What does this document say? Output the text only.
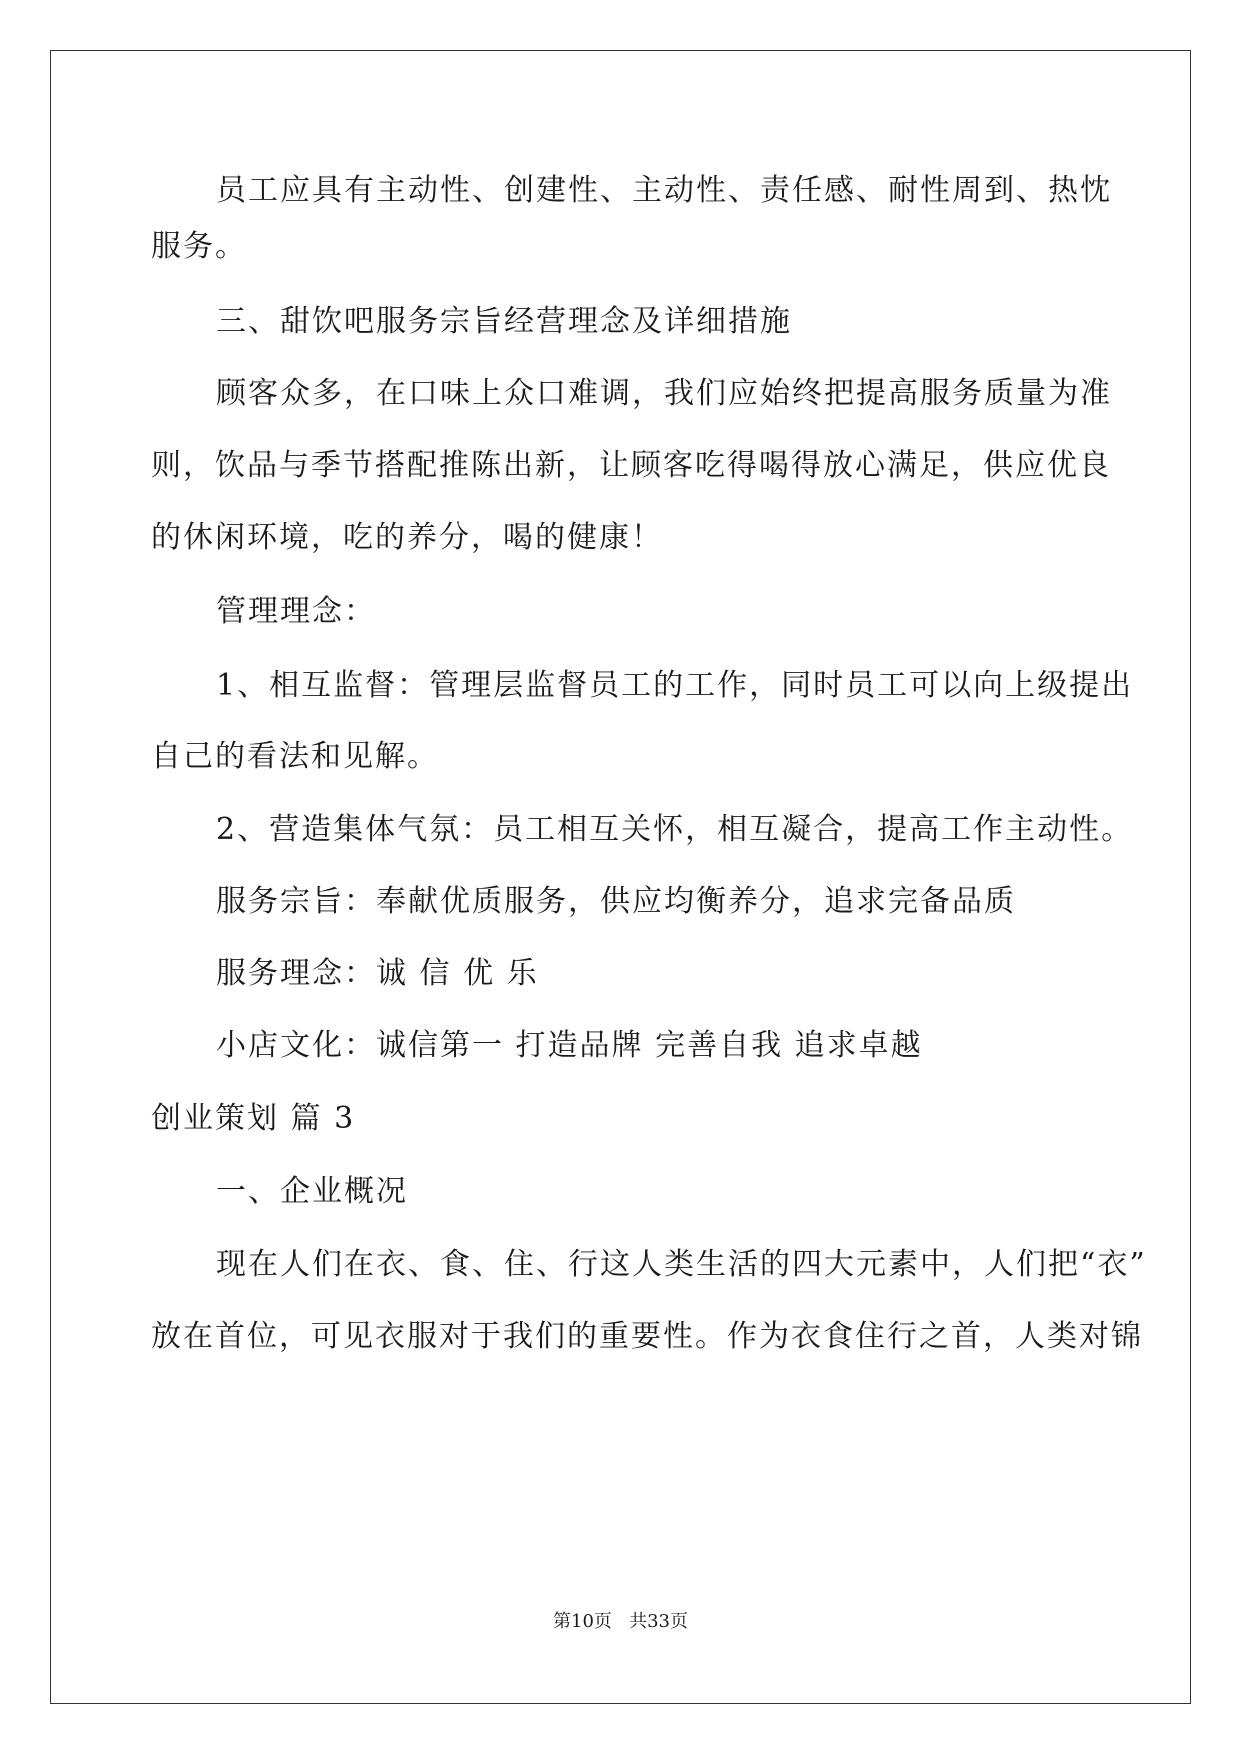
员工应具有主动性、创建性、主动性、责任感、耐性周到、热忱
服务。
三、甜饮吧服务宗旨经营理念及详细措施
顾客众多，在口味上众口难调，我们应始终把提高服务质量为准
则，饮品与季节搭配推陈出新，让顾客吃得喝得放心满足，供应优良
的休闲环境，吃的养分，喝的健康！
管理理念：
1、相互监督：管理层监督员工的工作，同时员工可以向上级提出
自己的看法和见解。
2、营造集体气氛：员工相互关怀，相互凝合，提高工作主动性。
服务宗旨：奉献优质服务，供应均衡养分，追求完备品质
服务理念：诚 信 优 乐
小店文化：诚信第一 打造品牌 完善自我 追求卓越
创业策划 篇 3
一、企业概况
现在人们在衣、食、住、行这人类生活的四大元素中，人们把“衣”
放在首位，可见衣服对于我们的重要性。作为衣食住行之首，人类对锦
第10页   共33页
